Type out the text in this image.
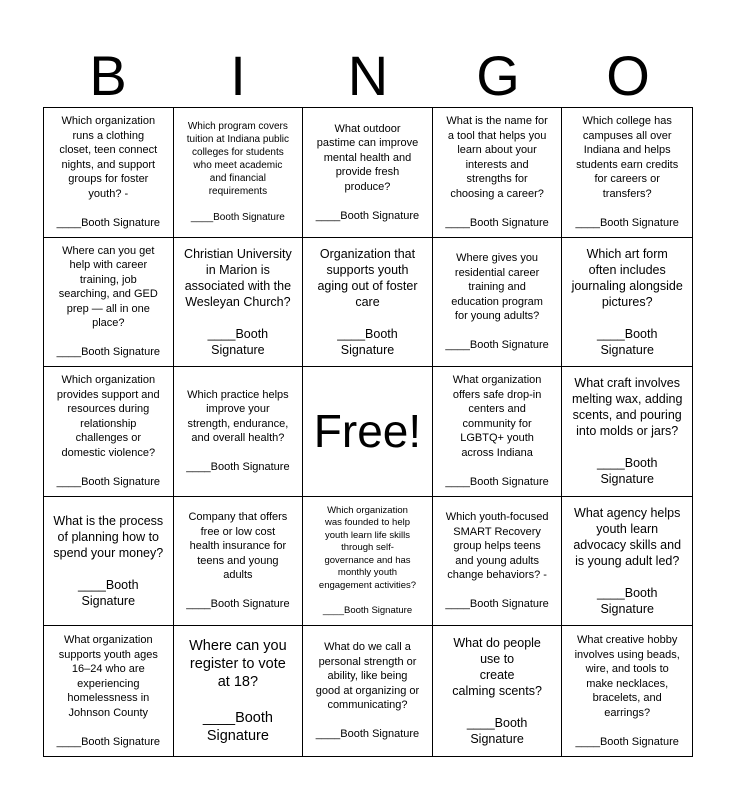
B	I	N	G	O
Which organization
runs a clothing
closet, teen connect
nights, and support
groups for foster
youth? -

____Booth Signature
Which program covers
tuition at Indiana public
colleges for students
who meet academic
and financial
requirements

____Booth Signature
What outdoor
pastime can improve
mental health and
provide fresh
produce?

____Booth Signature
What is the name for
a tool that helps you
learn about your
interests and
strengths for
choosing a career?

____Booth Signature
Which college has
campuses all over
Indiana and helps
students earn credits
for careers or
transfers?

____Booth Signature
Where can you get
help with career
training, job
searching, and GED
prep — all in one
place?

____Booth Signature
Christian University
in Marion is
associated with the
Wesleyan Church?

____Booth
Signature
Organization that
supports youth
aging out of foster
care

____Booth
Signature
Where gives you
residential career
training and
education program
for young adults?

____Booth Signature
Which art form
often includes
journaling alongside
pictures?

____Booth
Signature
Which organization
provides support and
resources during
relationship
challenges or
domestic violence?

____Booth Signature
Which practice helps
improve your
strength, endurance,
and overall health?

____Booth Signature
Free!
What organization
offers safe drop-in
centers and
community for
LGBTQ+ youth
across Indiana

____Booth Signature
What craft involves
melting wax, adding
scents, and pouring
into molds or jars?

____Booth
Signature
What is the process
of planning how to
spend your money?

____Booth
Signature
Company that offers
free or low cost
health insurance for
teens and young
adults

____Booth Signature
Which organization
was founded to help
youth learn life skills
through self-
governance and has
monthly youth
engagement activities?

____Booth Signature
Which youth-focused
SMART Recovery
group helps teens
and young adults
change behaviors? -

____Booth Signature
What agency helps
youth learn
advocacy skills and
is young adult led?

____Booth
Signature
What organization
supports youth ages
16–24 who are
experiencing
homelessness in
Johnson County

____Booth Signature
Where can you
register to vote
at 18?

____Booth
Signature
What do we call a
personal strength or
ability, like being
good at organizing or
communicating?

____Booth Signature
What do people
use to
create
calming scents?

____Booth
Signature
What creative hobby
involves using beads,
wire, and tools to
make necklaces,
bracelets, and
earrings?

____Booth Signature
